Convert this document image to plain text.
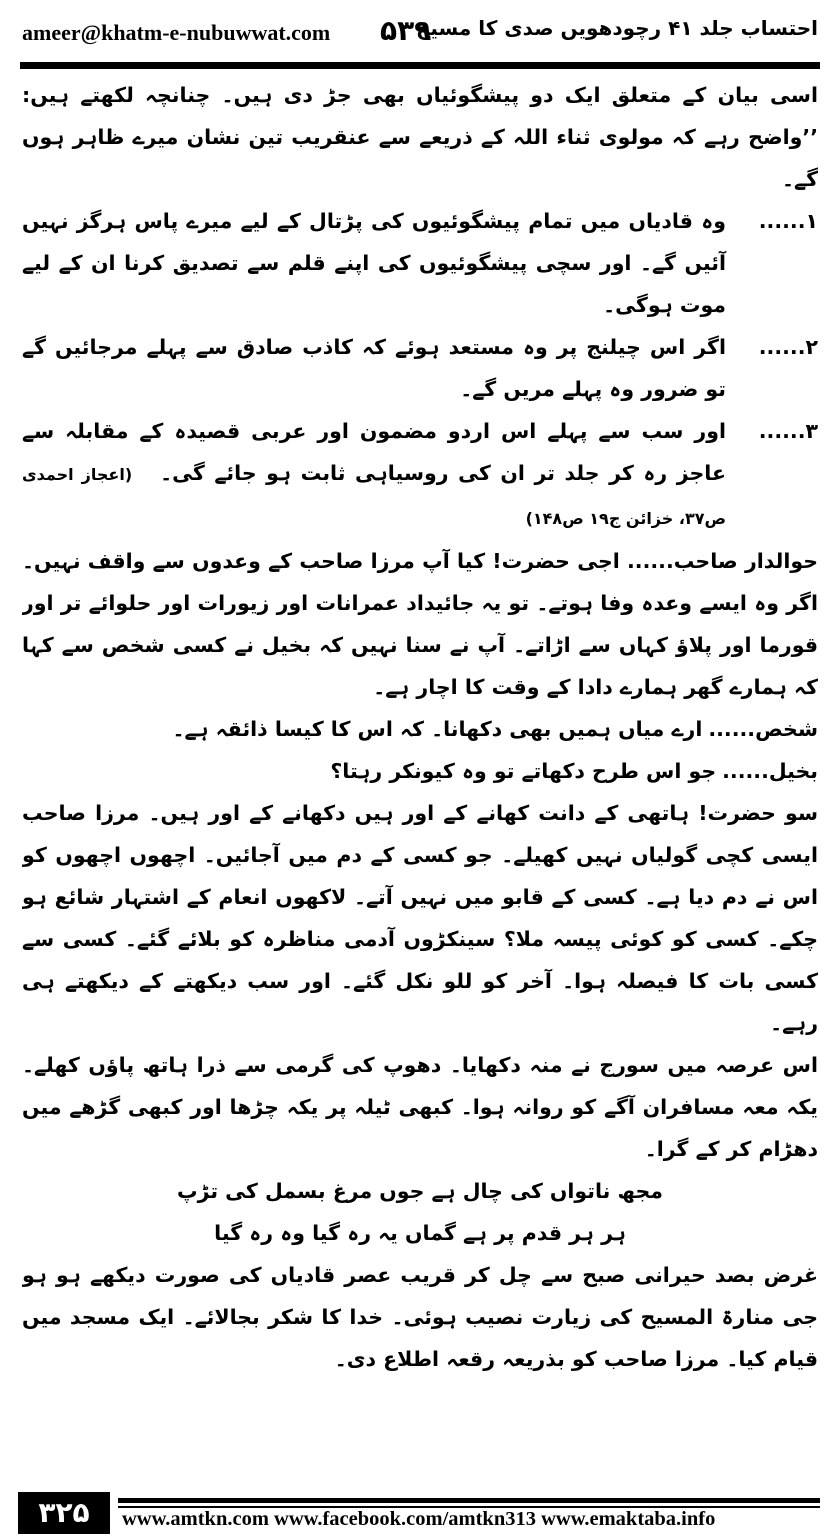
ameer@khatm-e-nubuwwat.com ۵۳۹
احتساب جلد ۴۱ رچودھویں صدی کا مسیح

اسی بیان کے متعلق ایک دو پیشگوئیاں بھی جڑ دی ہیں۔ چنانچہ لکھتے ہیں: ’’واضح رہے کہ مولوی ثناء اللہ کے ذریعے سے عنقریب تین نشان میرے ظاہر ہوں گے۔

۱......
وہ قادیاں میں تمام پیشگوئیوں کی پڑتال کے لیے میرے پاس ہرگز نہیں آئیں گے۔ اور سچی پیشگوئیوں کی اپنے قلم سے تصدیق کرنا ان کے لیے موت ہوگی۔
۲......
اگر اس چیلنج پر وہ مستعد ہوئے کہ کاذب صادق سے پہلے مرجائیں گے تو ضرور وہ پہلے مریں گے۔
۳......
اور سب سے پہلے اس اردو مضمون اور عربی قصیدہ کے مقابلہ سے عاجز رہ کر جلد تر ان کی روسیاہی ثابت ہو جائے گی۔(اعجاز احمدی ص۳۷، خزائن ج۱۹ ص۱۴۸)

حوالدار صاحب...... اجی حضرت! کیا آپ مرزا صاحب کے وعدوں سے واقف نہیں۔ اگر وہ ایسے وعدہ وفا ہوتے۔ تو یہ جائیداد عمرانات اور زیورات اور حلوائے تر اور قورما اور پلاؤ کہاں سے اڑاتے۔ آپ نے سنا نہیں کہ بخیل نے کسی شخص سے کہا کہ ہمارے گھر ہمارے دادا کے وقت کا اچار ہے۔

شخص......
ارے میاں ہمیں بھی دکھانا۔ کہ اس کا کیسا ذائقہ ہے۔
بخیل......
جو اس طرح دکھاتے تو وہ کیونکر رہتا؟

سو حضرت! ہاتھی کے دانت کھانے کے اور ہیں دکھانے کے اور ہیں۔ مرزا صاحب ایسی کچی گولیاں نہیں کھیلے۔ جو کسی کے دم میں آجائیں۔ اچھوں اچھوں کو اس نے دم دیا ہے۔ کسی کے قابو میں نہیں آتے۔ لاکھوں انعام کے اشتہار شائع ہو چکے۔ کسی کو کوئی پیسہ ملا؟ سینکڑوں آدمی مناظرہ کو بلائے گئے۔ کسی سے کسی بات کا فیصلہ ہوا۔ آخر کو للو نکل گئے۔ اور سب دیکھتے کے دیکھتے ہی رہے۔

اس عرصہ میں سورج نے منہ دکھایا۔ دھوپ کی گرمی سے ذرا ہاتھ پاؤں کھلے۔ یکہ معہ مسافران آگے کو روانہ ہوا۔ کبھی ٹیلہ پر یکہ چڑھا اور کبھی گڑھے میں دھڑام کر کے گرا۔

مجھ ناتواں کی چال ہے جوں مرغ بسمل کی تڑپ

ہر ہر قدم پر ہے گماں یہ رہ گیا وہ رہ گیا

غرض بصد حیرانی صبح سے چل کر قریب عصر قادیاں کی صورت دیکھے ہو ہو جی منارۃ المسیح کی زیارت نصیب ہوئی۔ خدا کا شکر بجالائے۔ ایک مسجد میں قیام کیا۔ مرزا صاحب کو بذریعہ رقعہ اطلاع دی۔

۳۲۵	www.amtkn.com www.facebook.com/amtkn313 www.emaktaba.info
